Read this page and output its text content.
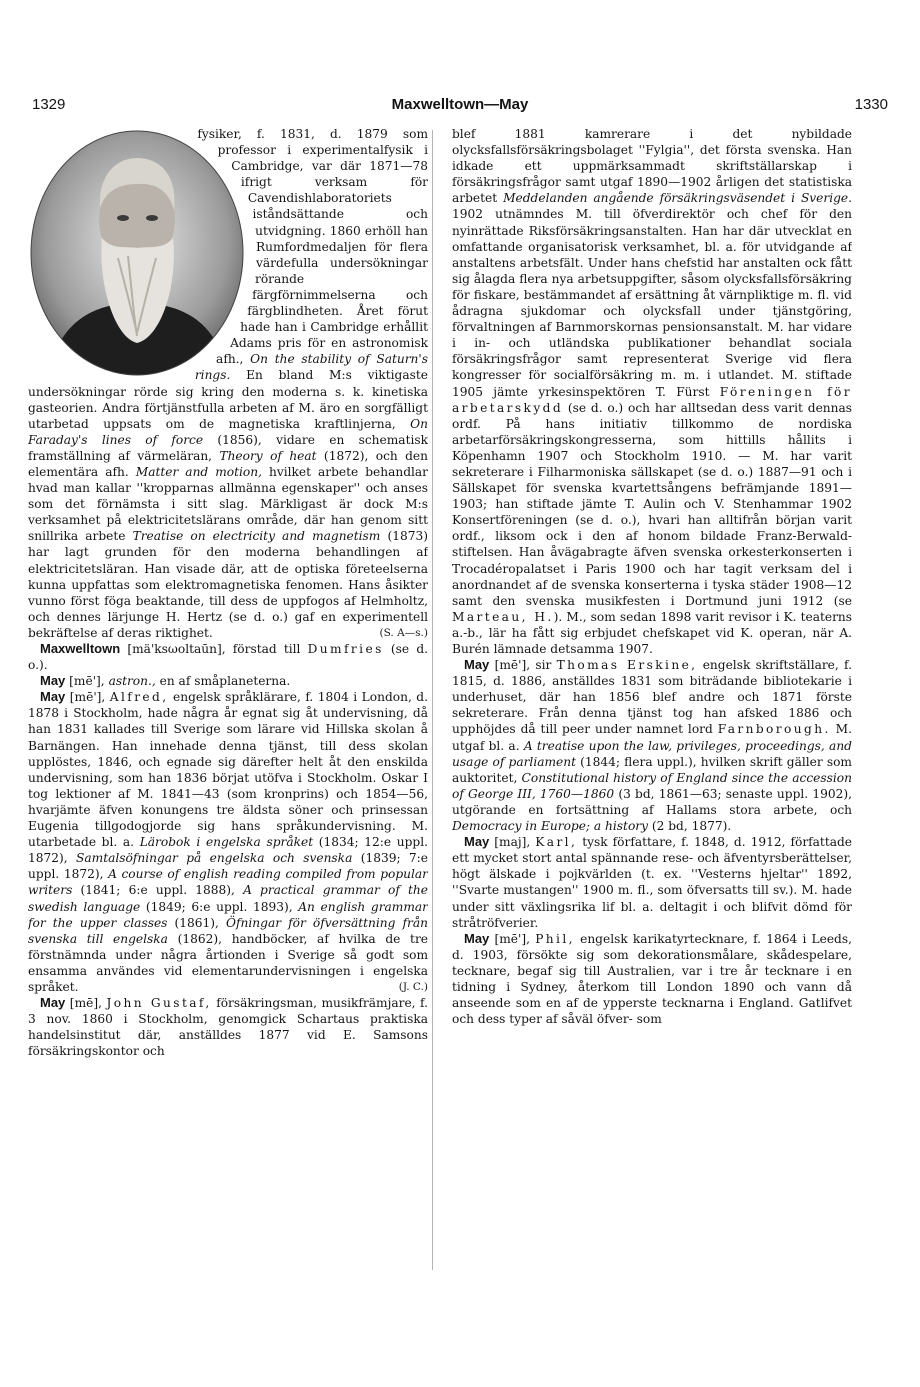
1329	Maxwelltown—May	1330

fysiker, f. 1831, d. 1879 som professor i experimentalfysik i Cambridge, var där 1871—78 ifrigt verksam för Cavendishlaboratoriets iståndsättande och utvidgning. 1860 erhöll han Rumfordmedaljen för flera värdefulla undersökningar rörande färgförnimmelserna och färgblindheten. Året förut hade han i Cambridge erhållit Adams pris för en astronomisk afh., On the stability of Saturn's rings. En bland M:s viktigaste undersökningar rörde sig kring den moderna s. k. kinetiska gasteorien. Andra förtjänstfulla arbeten af M. äro en sorgfälligt utarbetad uppsats om de magnetiska kraftlinjerna, On Faraday's lines of force (1856), vidare en schematisk framställning af värmeläran, Theory of heat (1872), och den elementära afh. Matter and motion, hvilket arbete behandlar hvad man kallar ''kropparnas allmänna egenskaper'' och anses som det förnämsta i sitt slag. Märkligast är dock M:s verksamhet på elektricitetslärans område, där han genom sitt snillrika arbete Treatise on electricity and magnetism (1873) har lagt grunden för den moderna behandlingen af elektricitetsläran. Han visade där, att de optiska företeelserna kunna uppfattas som elektromagnetiska fenomen. Hans åsikter vunno först föga beaktande, till dess de uppfogos af Helmholtz, och dennes lärjunge H. Hertz (se d. o.) gaf en experimentell bekräftelse af deras riktighet.	(S. A—s.)

Maxwelltown [mä'ksωoltaūn], förstad till Dumfries (se d. o.).

May [mē'], astron., en af småplaneterna.

May [mē'], Alfred, engelsk språklärare, f. 1804 i London, d. 1878 i Stockholm, hade några år egnat sig åt undervisning, då han 1831 kallades till Sverige som lärare vid Hillska skolan å Barnängen. Han innehade denna tjänst, till dess skolan upplöstes, 1846, och egnade sig därefter helt åt den enskilda undervisning, som han 1836 börjat utöfva i Stockholm. Oskar I tog lektioner af M. 1841—43 (som kronprins) och 1854—56, hvarjämte äfven konungens tre äldsta söner och prinsessan Eugenia tillgodogjorde sig hans språkundervisning. M. utarbetade bl. a. Lärobok i engelska språket (1834; 12:e uppl. 1872), Samtalsöfningar på engelska och svenska (1839; 7:e uppl. 1872), A course of english reading compiled from popular writers (1841; 6:e uppl. 1888), A practical grammar of the swedish language (1849; 6:e uppl. 1893), An english grammar for the upper classes (1861), Öfningar för öfversättning från svenska till engelska (1862), handböcker, af hvilka de tre förstnämnda under några årtionden i Sverige så godt som ensamma användes vid elementarundervisningen i engelska språket.	(J. C.)

May [mē], John Gustaf, försäkringsman, musikfrämjare, f. 3 nov. 1860 i Stockholm, genomgick Schartaus praktiska handelsinstitut där, anställdes 1877 vid E. Samsons försäkringskontor och

blef 1881 kamrerare i det nybildade olycksfallsförsäkringsbolaget ''Fylgia'', det första svenska. Han idkade ett uppmärksammadt skriftställarskap i försäkringsfrågor samt utgaf 1890—1902 årligen det statistiska arbetet Meddelanden angående försäkringsväsendet i Sverige. 1902 utnämndes M. till öfverdirektör och chef för den nyinrättade Riksförsäkringsanstalten. Han har där utvecklat en omfattande organisatorisk verksamhet, bl. a. för utvidgande af anstaltens arbetsfält. Under hans chefstid har anstalten ock fått sig ålagda flera nya arbetsuppgifter, såsom olycksfallsförsäkring för fiskare, bestämmandet af ersättning åt värnpliktige m. fl. vid ådragna sjukdomar och olycksfall under tjänstgöring, förvaltningen af Barnmorskornas pensionsanstalt. M. har vidare i in- och utländska publikationer behandlat sociala försäkringsfrågor samt representerat Sverige vid flera kongresser för socialförsäkring m. m. i utlandet. M. stiftade 1905 jämte yrkesinspektören T. Fürst Föreningen för arbetarskydd (se d. o.) och har alltsedan dess varit dennas ordf. På hans initiativ tillkommo de nordiska arbetarförsäkringskongresserna, som hittills hållits i Köpenhamn 1907 och Stockholm 1910. — M. har varit sekreterare i Filharmoniska sällskapet (se d. o.) 1887—91 och i Sällskapet för svenska kvartettsångens befrämjande 1891—1903; han stiftade jämte T. Aulin och V. Stenhammar 1902 Konsertföreningen (se d. o.), hvari han alltifrån början varit ordf., liksom ock i den af honom bildade Franz-Berwald-stiftelsen. Han åvägabragte äfven svenska orkesterkonserten i Trocadéropalatset i Paris 1900 och har tagit verksam del i anordnandet af de svenska konserterna i tyska städer 1908—12 samt den svenska musikfesten i Dortmund juni 1912 (se Marteau, H.). M., som sedan 1898 varit revisor i K. teaterns a.-b., lär ha fått sig erbjudet chefskapet vid K. operan, när A. Burén lämnade detsamma 1907.

May [mē'], sir Thomas Erskine, engelsk skriftställare, f. 1815, d. 1886, anställdes 1831 som biträdande bibliotekarie i underhuset, där han 1856 blef andre och 1871 förste sekreterare. Från denna tjänst tog han afsked 1886 och upphöjdes då till peer under namnet lord Farnborough. M. utgaf bl. a. A treatise upon the law, privileges, proceedings, and usage of parliament (1844; flera uppl.), hvilken skrift gäller som auktoritet, Constitutional history of England since the accession of George III, 1760—1860 (3 bd, 1861—63; senaste uppl. 1902), utgörande en fortsättning af Hallams stora arbete, och Democracy in Europe; a history (2 bd, 1877).

May [maj], Karl, tysk författare, f. 1848, d. 1912, författade ett mycket stort antal spännande rese- och äfventyrsberättelser, högt älskade i pojkvärlden (t. ex. ''Vesterns hjeltar'' 1892, ''Svarte mustangen'' 1900 m. fl., som öfversatts till sv.). M. hade under sitt växlingsrika lif bl. a. deltagit i och blifvit dömd för stråtröfverier.

May [mē'], Phil, engelsk karikatyrtecknare, f. 1864 i Leeds, d. 1903, försökte sig som dekorationsmålare, skådespelare, tecknare, begaf sig till Australien, var i tre år tecknare i en tidning i Sydney, återkom till London 1890 och vann då anseende som en af de ypperste tecknarna i England. Gatlifvet och dess typer af såväl öfver- som
